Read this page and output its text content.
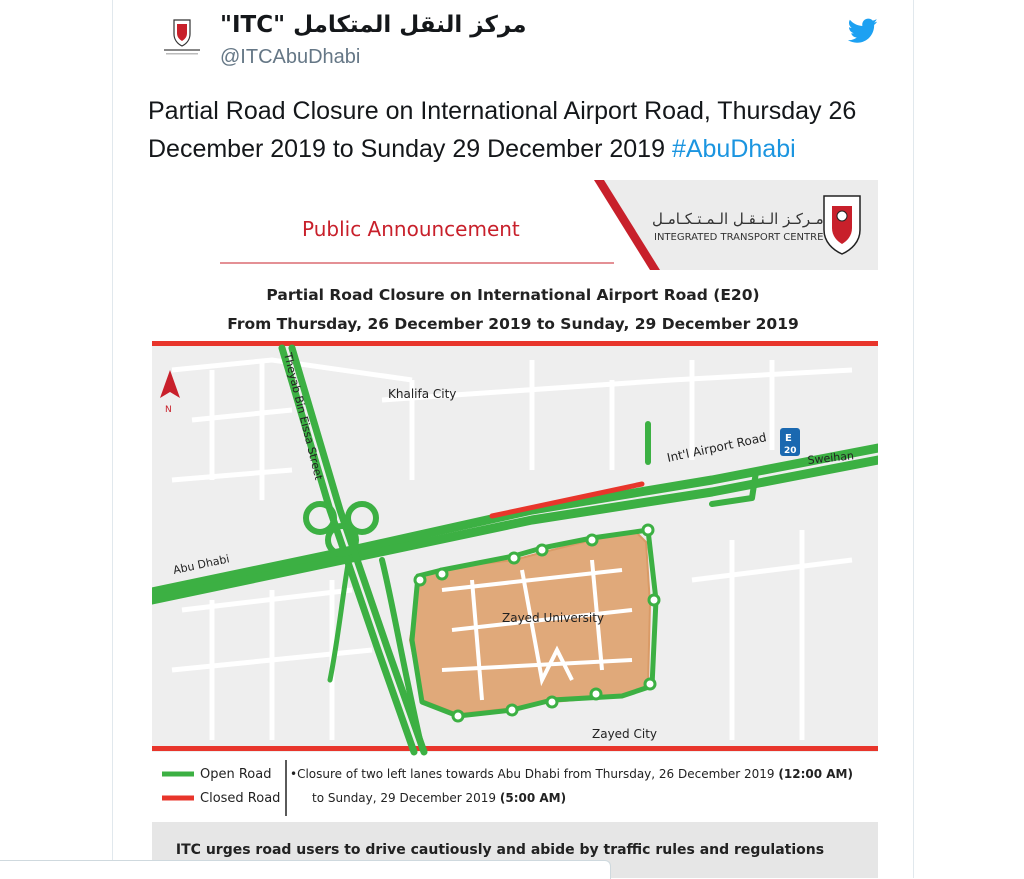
"ITC" مركز النقل المتكامل
@ITCAbuDhabi
Partial Road Closure on International Airport Road, Thursday 26 December 2019 to Sunday 29 December 2019 #AbuDhabi
Public Announcement	مـركـز الـنـقـل الـمـتـكـامـل
INTEGRATED TRANSPORT CENTRE
Partial Road Closure on International Airport Road (E20)
From Thursday, 26 December 2019 to Sunday, 29 December 2019
N	Theyab Bin Eissa Street	Khalifa City
Int'l Airport Road E
20 Sweihan
Abu Dhabi
Zayed University
Zayed City
Open Road
Closed Road
•Closure of two left lanes towards Abu Dhabi from Thursday, 26 December 2019 (12:00 AM)
to Sunday, 29 December 2019 (5:00 AM)
ITC urges road users to drive cautiously and abide by traffic rules and regulations
